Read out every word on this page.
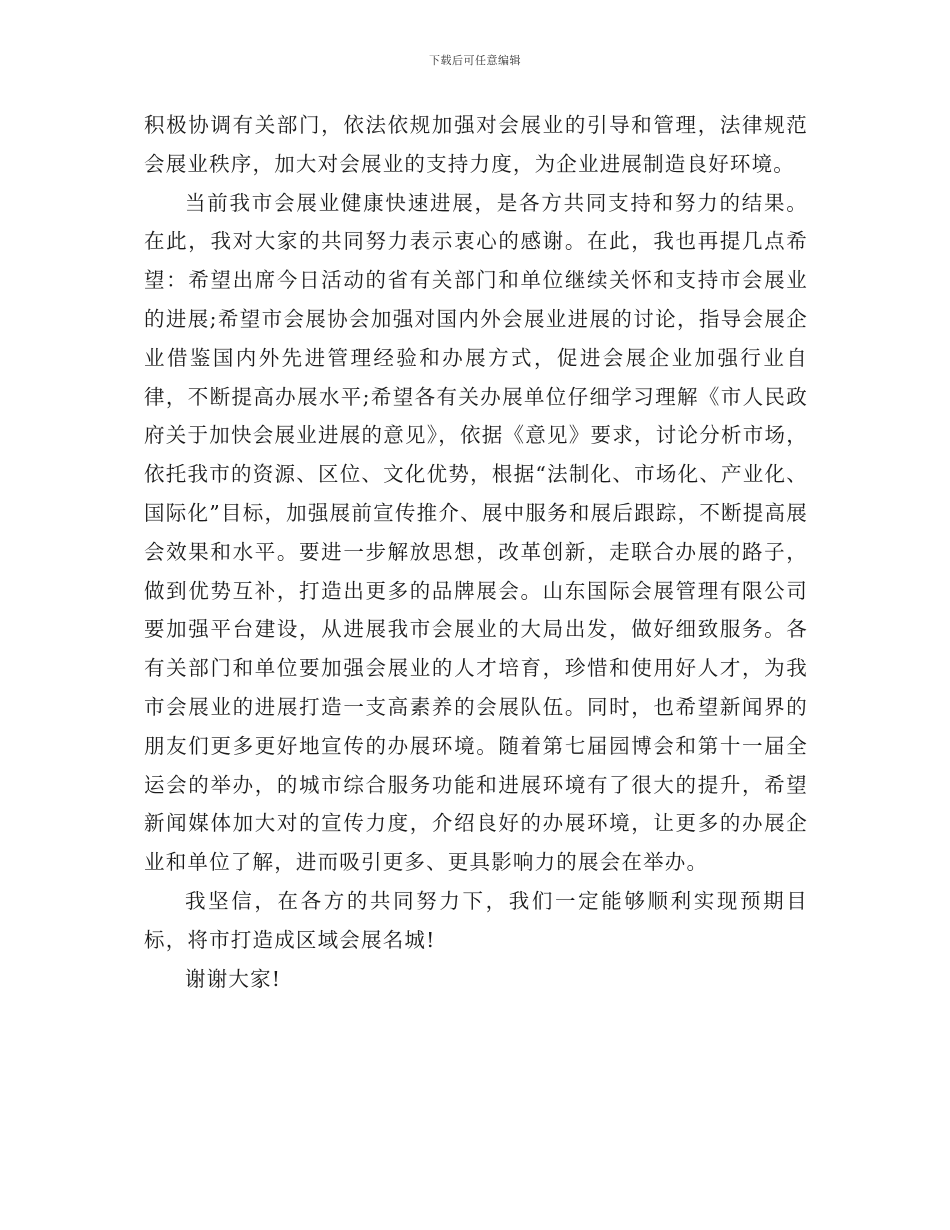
下载后可任意编辑

积极协调有关部门，依法依规加强对会展业的引导和管理，法律规范会展业秩序，加大对会展业的支持力度，为企业进展制造良好环境。

当前我市会展业健康快速进展，是各方共同支持和努力的结果。在此，我对大家的共同努力表示衷心的感谢。在此，我也再提几点希望：希望出席今日活动的省有关部门和单位继续关怀和支持市会展业的进展;希望市会展协会加强对国内外会展业进展的讨论，指导会展企业借鉴国内外先进管理经验和办展方式，促进会展企业加强行业自律，不断提高办展水平;希望各有关办展单位仔细学习理解《市人民政府关于加快会展业进展的意见》，依据《意见》要求，讨论分析市场，依托我市的资源、区位、文化优势，根据“法制化、市场化、产业化、国际化”目标，加强展前宣传推介、展中服务和展后跟踪，不断提高展会效果和水平。要进一步解放思想，改革创新，走联合办展的路子，做到优势互补，打造出更多的品牌展会。山东国际会展管理有限公司要加强平台建设，从进展我市会展业的大局出发，做好细致服务。各有关部门和单位要加强会展业的人才培育，珍惜和使用好人才，为我市会展业的进展打造一支高素养的会展队伍。同时，也希望新闻界的朋友们更多更好地宣传的办展环境。随着第七届园博会和第十一届全运会的举办，的城市综合服务功能和进展环境有了很大的提升，希望新闻媒体加大对的宣传力度，介绍良好的办展环境，让更多的办展企业和单位了解，进而吸引更多、更具影响力的展会在举办。

我坚信，在各方的共同努力下，我们一定能够顺利实现预期目标，将市打造成区域会展名城!

谢谢大家!
